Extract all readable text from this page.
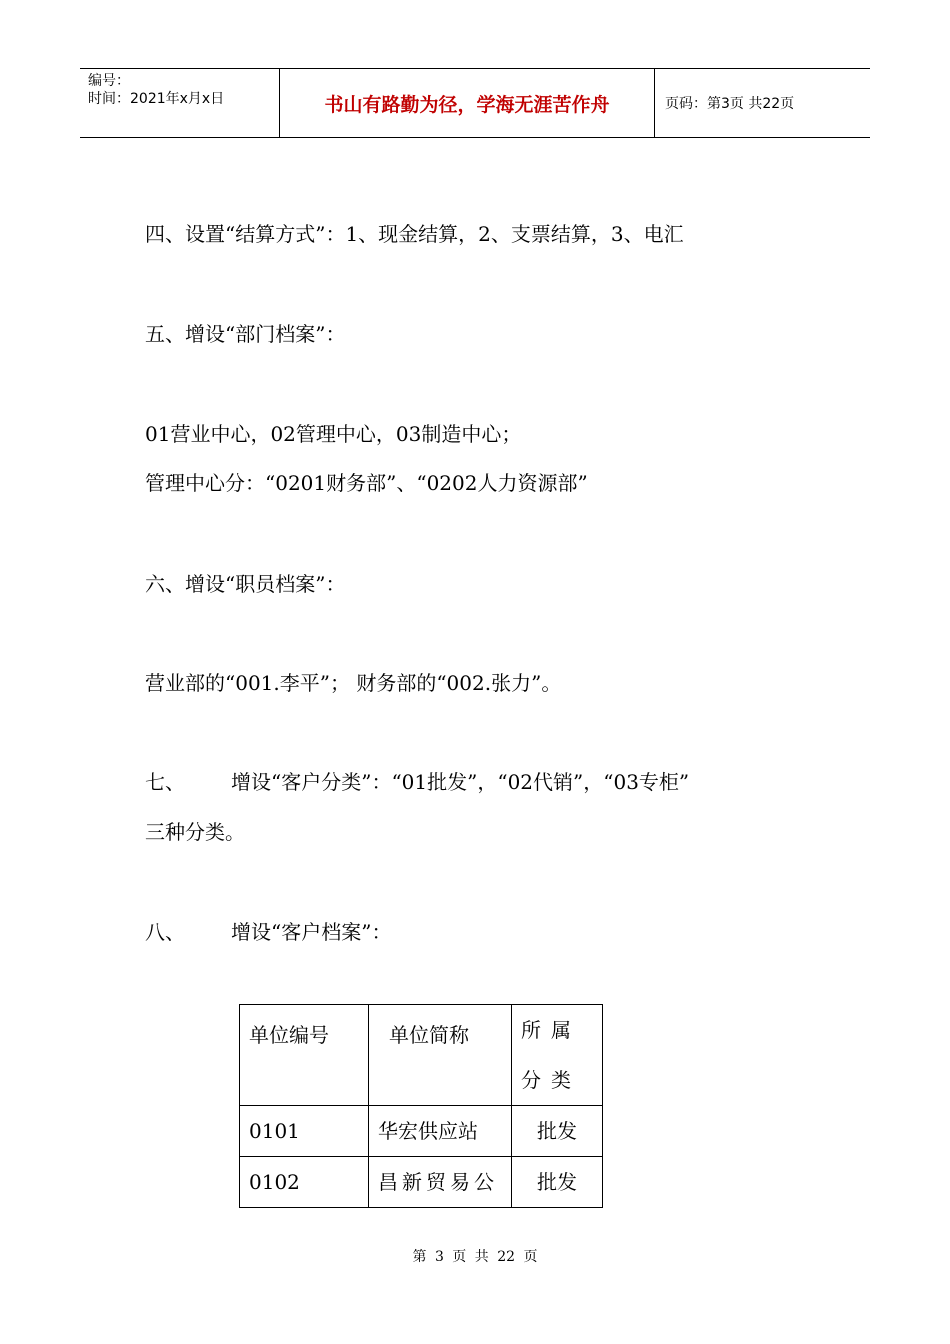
编号：
时间：2021年x月x日	书山有路勤为径，学海无涯苦作舟	页码：第3页 共22页
四、设置“结算方式”：1、现金结算，2、支票结算，3、电汇
五、增设“部门档案”：
01营业中心，02管理中心，03制造中心；
管理中心分：“0201财务部”、“0202人力资源部”
六、增设“职员档案”：
营业部的“001.李平”； 财务部的“002.张力”。
七、 增设“客户分类”：“01批发”，“02代销”，“03专柜”
三种分类。
八、 增设“客户档案”：
单位编号	单位简称	所属分类
0101	华宏供应站	批发
0102	昌新贸易公	批发
第 3 页 共 22 页
